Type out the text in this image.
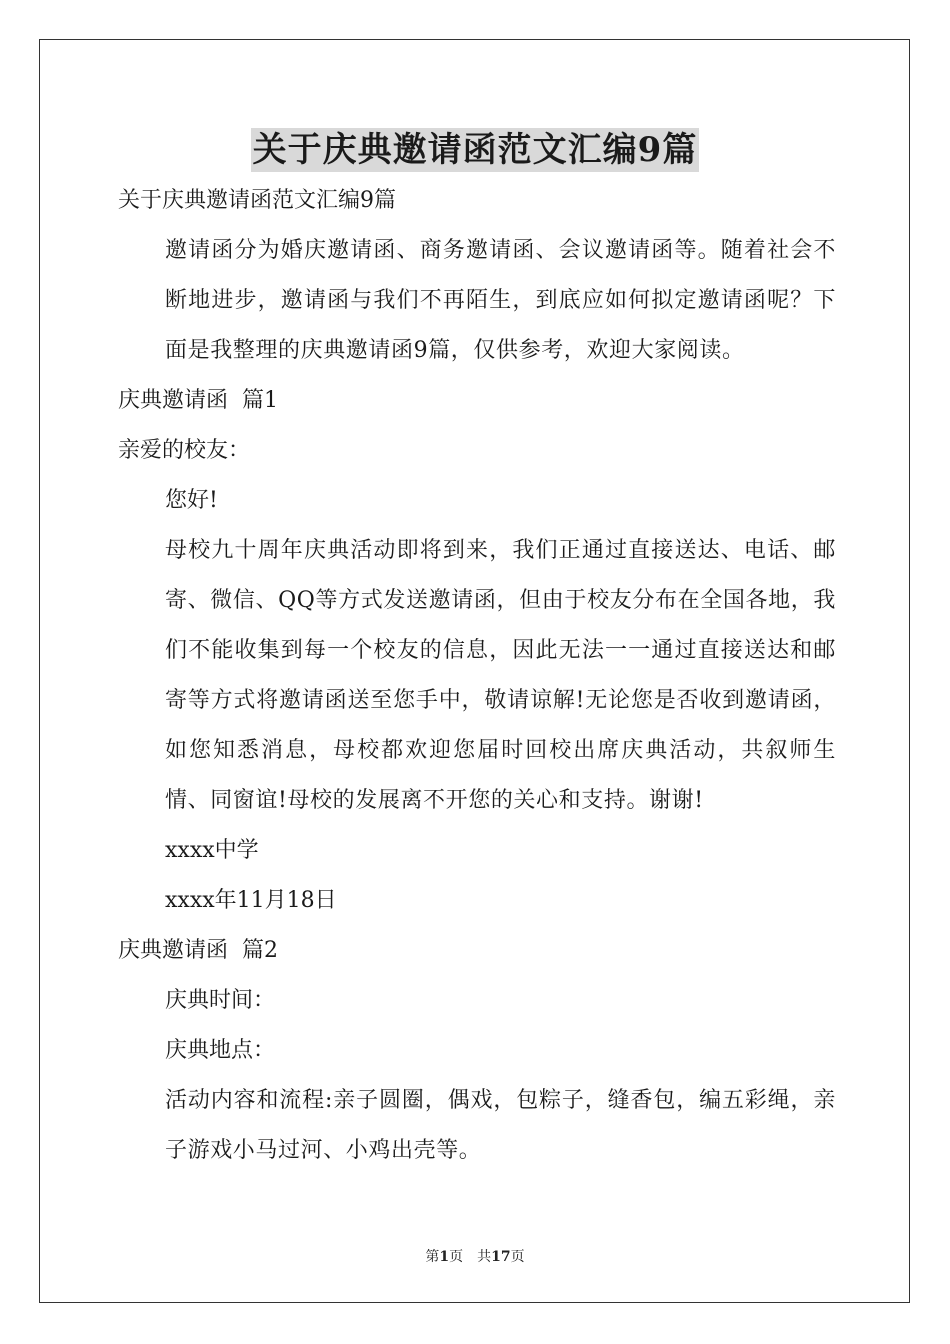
关于庆典邀请函范文汇编9篇

关于庆典邀请函范文汇编9篇

邀请函分为婚庆邀请函、商务邀请函、会议邀请函等。随着社会不断地进步，邀请函与我们不再陌生，到底应如何拟定邀请函呢？下面是我整理的庆典邀请函9篇，仅供参考，欢迎大家阅读。

庆典邀请函  篇1

亲爱的校友：

您好!

母校九十周年庆典活动即将到来，我们正通过直接送达、电话、邮寄、微信、QQ等方式发送邀请函，但由于校友分布在全国各地，我们不能收集到每一个校友的信息，因此无法一一通过直接送达和邮寄等方式将邀请函送至您手中，敬请谅解!无论您是否收到邀请函，如您知悉消息，母校都欢迎您届时回校出席庆典活动，共叙师生情、同窗谊!母校的发展离不开您的关心和支持。谢谢!

xxxx中学

xxxx年11月18日

庆典邀请函  篇2

庆典时间：

庆典地点：

活动内容和流程:亲子圆圈，偶戏，包粽子，缝香包，编五彩绳，亲子游戏小马过河、小鸡出壳等。

第1页　共17页
